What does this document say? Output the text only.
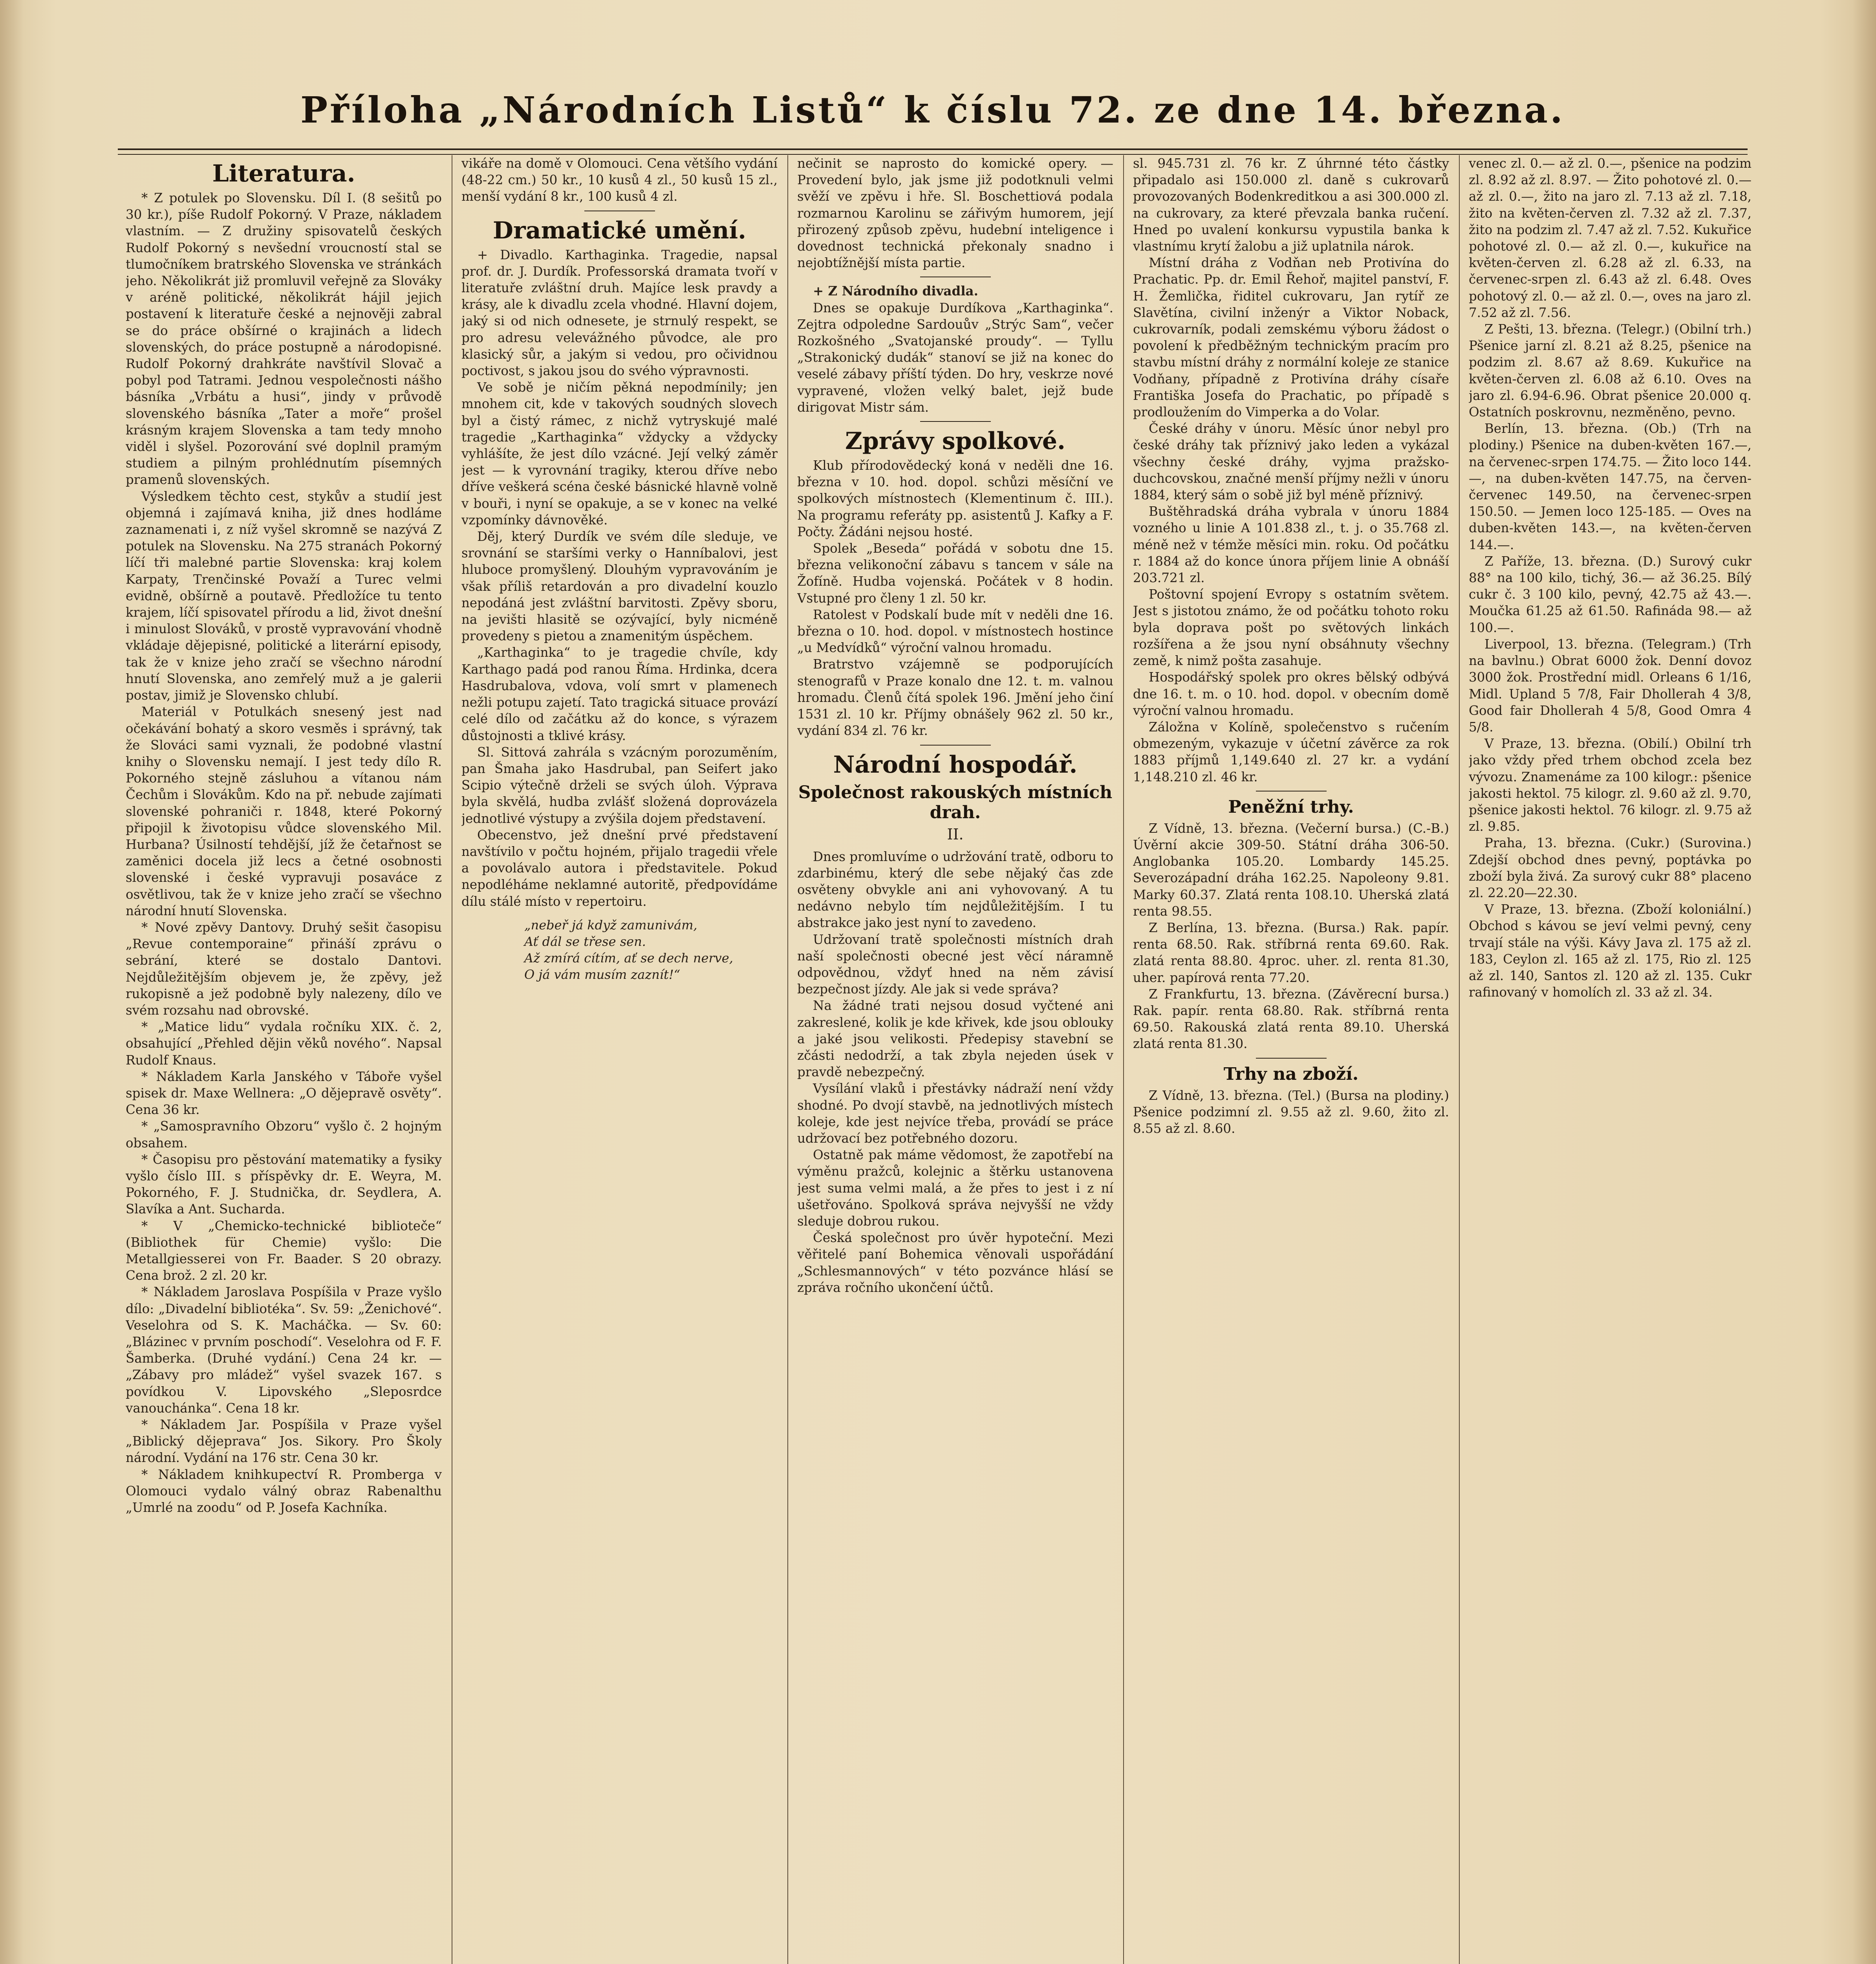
Příloha „Národních Listů“ k číslu 72. ze dne 14. března.
Literatura.

* Z potulek po Slovensku. Díl I. (8 sešitů po 30 kr.), píše Rudolf Pokorný. V Praze, nákladem vlastním. — Z družiny spisovatelů českých Rudolf Pokorný s nevšední vroucností stal se tlumočníkem bratrského Slovenska ve stránkách jeho. Několikrát již promluvil veřejně za Slováky v aréně politické, několikrát hájil jejich postavení k literatuře české a nejnověji zabral se do práce obšírné o krajinách a lidech slovenských, do práce postupně a národopisné. Rudolf Pokorný drahkráte navštívil Slovač a pobyl pod Tatrami. Jednou vespolečnosti nášho básníka „Vrbátu a husi“, jindy v průvodě slovenského básníka „Tater a moře“ prošel krásným krajem Slovenska a tam tedy mnoho viděl i slyšel. Pozorování své doplnil pramým studiem a pilným prohlédnutím písemných pramenů slovenských.

Výsledkem těchto cest, stykův a studií jest objemná i zajímavá kniha, již dnes hodláme zaznamenati i, z níž vyšel skromně se nazývá Z potulek na Slovensku. Na 275 stranách Pokorný líčí tři malebné partie Slovenska: kraj kolem Karpaty, Trenčinské Považí a Turec velmi evidně, obšírně a poutavě. Předložíce tu tento krajem, líčí spisovatel přírodu a lid, život dnešní i minulost Slováků, v prostě vypravování vhodně vkládaje dějepisné, politické a literární episody, tak že v knize jeho zračí se všechno národní hnutí Slovenska, ano zemřelý muž a je galerii postav, jimiž je Slovensko chlubí.

Materiál v Potulkách snesený jest nad očekávání bohatý a skoro vesměs i správný, tak že Slováci sami vyznali, že podobné vlastní knihy o Slovensku nemají. I jest tedy dílo R. Pokorného stejně zásluhou a vítanou nám Čechům i Slovákům. Kdo na př. nebude zajímati slovenské pohraniči r. 1848, které Pokorný připojil k životopisu vůdce slovenského Mil. Hurbana? Úsilností tehdější, jíž že četařnost se zaměnici docela již lecs a četné osobnosti slovenské i české vypravuji posaváce z osvětlivou, tak že v knize jeho zračí se všechno národní hnutí Slovenska.

* Nové zpěvy Dantovy. Druhý sešit časopisu „Revue contemporaine“ přináší zprávu o sebrání, které se dostalo Dantovi. Nejdůležitějším objevem je, že zpěvy, jež rukopisně a jež podobně byly nalezeny, dílo ve svém rozsahu nad obrovské.

* „Matice lidu“ vydala ročníku XIX. č. 2, obsahující „Přehled dějin věků nového“. Napsal Rudolf Knaus.

* Nákladem Karla Janského v Táboře vyšel spisek dr. Maxe Wellnera: „O dějepravě osvěty“. Cena 36 kr.

* „Samospravního Obzoru“ vyšlo č. 2 hojným obsahem.

* Časopisu pro pěstování matematiky a fysiky vyšlo číslo III. s příspěvky dr. E. Weyra, M. Pokorného, F. J. Studnička, dr. Seydlera, A. Slavíka a Ant. Sucharda.

* V „Chemicko-technické biblioteče“ (Bibliothek für Chemie) vyšlo: Die Metallgiesserei von Fr. Baader. S 20 obrazy. Cena brož. 2 zl. 20 kr.

* Nákladem Jaroslava Pospíšila v Praze vyšlo dílo: „Divadelní bibliotéka“. Sv. 59: „Ženichové“. Veselohra od S. K. Macháčka. — Sv. 60: „Blázinec v prvním poschodí“. Veselohra od F. F. Šamberka. (Druhé vydání.) Cena 24 kr. — „Zábavy pro mládež“ vyšel svazek 167. s povídkou V. Lipovského „Sleposrdce vanouchánka“. Cena 18 kr.

* Nákladem Jar. Pospíšila v Praze vyšel „Biblický dějeprava“ Jos. Sikory. Pro Školy národní. Vydání na 176 str. Cena 30 kr.

* Nákladem knihkupectví R. Promberga v Olomouci vydalo válný obraz Rabenalthu „Umrlé na zoodu“ od P. Josefa Kachníka.

vikáře na domě v Olomouci. Cena většího vydání (48-22 cm.) 50 kr., 10 kusů 4 zl., 50 kusů 15 zl., menší vydání 8 kr., 100 kusů 4 zl.

Dramatické umění.

+ Divadlo. Karthaginka. Tragedie, napsal prof. dr. J. Durdík. Professorská dramata tvoří v literatuře zvláštní druh. Majíce lesk pravdy a krásy, ale k divadlu zcela vhodné. Hlavní dojem, jaký si od nich odnesete, je strnulý respekt, se pro adresu velevážného původce, ale pro klasický sůr, a jakým si vedou, pro očividnou poctivost, s jakou jsou do svého výpravnosti.

Ve sobě je ničím pěkná nepodmínily; jen mnohem cit, kde v takových soudných slovech byl a čistý rámec, z nichž vytryskujé malé tragedie „Karthaginka“ vždycky a vždycky vyhlášíte, že jest dílo vzácné. Její velký záměr jest — k vyrovnání tragiky, kterou dříve nebo dříve veškerá scéna české básnické hlavně volně v bouři, i nyní se opakuje, a se v konec na velké vzpomínky dávnověké.

Děj, který Durdík ve svém díle sleduje, ve srovnání se staršími verky o Hanníbalovi, jest hluboce promyšlený. Dlouhým vypravováním je však příliš retardován a pro divadelní kouzlo nepodáná jest zvláštní barvitosti. Zpěvy sboru, na jevišti hlasitě se ozývající, byly nicméně provedeny s pietou a znamenitým úspěchem.

„Karthaginka“ to je tragedie chvíle, kdy Karthago padá pod ranou Říma. Hrdinka, dcera Hasdrubalova, vdova, volí smrt v plamenech nežli potupu zajetí. Tato tragická situace provází celé dílo od začátku až do konce, s výrazem důstojnosti a tklivé krásy.

Sl. Sittová zahrála s vzácným porozuměním, pan Šmaha jako Hasdrubal, pan Seifert jako Scipio výtečně drželi se svých úloh. Výprava byla skvělá, hudba zvlášť složená doprovázela jednotlivé výstupy a zvýšila dojem představení.

Obecenstvo, jež dnešní prvé představení navštívilo v počtu hojném, přijalo tragedii vřele a povolávalo autora i představitele. Pokud nepodléháme neklamné autoritě, předpovídáme dílu stálé místo v repertoiru.

„nebeř já když zamunivám,
Ať dál se třese sen.
Až zmírá cítím, ať se dech nerve,
O já vám musím zaznít!“

nečinit se naprosto do komické opery. — Provedení bylo, jak jsme již podotknuli velmi svěží ve zpěvu i hře. Sl. Boschettiová podala rozmarnou Karolinu se zářivým humorem, její přirozený způsob zpěvu, hudební inteligence i dovednost technická překonaly snadno i nejobtížnější místa partie.

+ Z Národního divadla.

Dnes se opakuje Durdíkova „Karthaginka“. Zejtra odpoledne Sardouův „Strýc Sam“, večer Rozkošného „Svatojanské proudy“. — Tyllu „Strakonický dudák“ stanoví se již na konec do veselé zábavy příští týden. Do hry, veskrze nové vypravené, vložen velký balet, jejž bude dirigovat Mistr sám.

Zprávy spolkové.

Klub přírodovědecký koná v neděli dne 16. března v 10. hod. dopol. schůzi měsíční ve spolkových místnostech (Klementinum č. III.). Na programu referáty pp. asistentů J. Kafky a F. Počty. Žádáni nejsou hosté.

Spolek „Beseda“ pořádá v sobotu dne 15. března velikonoční zábavu s tancem v sále na Žofíně. Hudba vojenská. Počátek v 8 hodin. Vstupné pro členy 1 zl. 50 kr.

Ratolest v Podskalí bude mít v neděli dne 16. března o 10. hod. dopol. v místnostech hostince „u Medvídků“ výroční valnou hromadu.

Bratrstvo vzájemně se podporujících stenografů v Praze konalo dne 12. t. m. valnou hromadu. Členů čítá spolek 196. Jmění jeho činí 1531 zl. 10 kr. Příjmy obnášely 962 zl. 50 kr., vydání 834 zl. 76 kr.

Národní hospodář.
Společnost rakouských místních drah.
II.

Dnes promluvíme o udržování tratě, odboru to zdarbinému, který dle sebe nějaký čas zde osvěteny obvykle ani ani vyhovovaný. A tu nedávno nebylo tím nejdůležitějším. I tu abstrakce jako jest nyní to zavedeno.

Udržovaní tratě společnosti místních drah naší společnosti obecné jest věcí náramně odpovědnou, vždyť hned na něm závisí bezpečnost jízdy. Ale jak si vede správa?

Na žádné trati nejsou dosud vyčtené ani zakreslené, kolik je kde křivek, kde jsou oblouky a jaké jsou velikosti. Předepisy stavební se zčásti nedodrží, a tak zbyla nejeden úsek v pravdě nebezpečný.

Vysílání vlaků i přestávky nádraží není vždy shodné. Po dvojí stavbě, na jednotlivých místech koleje, kde jest nejvíce třeba, provádí se práce udržovací bez potřebného dozoru.

Ostatně pak máme vědomost, že zapotřebí na výměnu pražců, kolejnic a štěrku ustanovena jest suma velmi malá, a že přes to jest i z ní ušetřováno. Spolková správa nejvyšší ne vždy sleduje dobrou rukou.

Česká společnost pro úvěr hypoteční. Mezi věřitelé paní Bohemica věnovali uspořádání „Schlesmannových“ v této pozvánce hlásí se zpráva ročního ukončení účtů.

sl. 945.731 zl. 76 kr. Z úhrnné této částky připadalo asi 150.000 zl. daně s cukrovarů provozovaných Bodenkreditkou a asi 300.000 zl. na cukrovary, za které převzala banka ručení. Hned po uvalení konkursu vypustila banka k vlastnímu krytí žalobu a již uplatnila nárok.

Místní dráha z Vodňan neb Protivína do Prachatic. Pp. dr. Emil Řehoř, majitel panství, F. H. Žemlička, řiditel cukrovaru, Jan rytíř ze Slavětína, civilní inženýr a Viktor Noback, cukrovarník, podali zemskému výboru žádost o povolení k předběžným technickým pracím pro stavbu místní dráhy z normální koleje ze stanice Vodňany, případně z Protivína dráhy císaře Františka Josefa do Prachatic, po případě s prodloužením do Vimperka a do Volar.

České dráhy v únoru. Měsíc únor nebyl pro české dráhy tak příznivý jako leden a vykázal všechny české dráhy, vyjma pražsko-duchcovskou, značné menší příjmy nežli v únoru 1884, který sám o sobě již byl méně příznivý.

Buštěhradská dráha vybrala v únoru 1884 vozného u linie A 101.838 zl., t. j. o 35.768 zl. méně než v témže měsíci min. roku. Od počátku r. 1884 až do konce února příjem linie A obnáší 203.721 zl.

Poštovní spojení Evropy s ostatním světem. Jest s jistotou známo, že od počátku tohoto roku byla doprava pošt po světových linkách rozšířena a že jsou nyní obsáhnuty všechny země, k nimž pošta zasahuje.

Hospodářský spolek pro okres bělský odbývá dne 16. t. m. o 10. hod. dopol. v obecním domě výroční valnou hromadu.

Záložna v Kolíně, společenstvo s ručením obmezeným, vykazuje v účetní závěrce za rok 1883 příjmů 1,149.640 zl. 27 kr. a vydání 1,148.210 zl. 46 kr.

Peněžní trhy.

Z Vídně, 13. března. (Večerní bursa.) (C.-B.) Úvěrní akcie 309-50. Státní dráha 306-50. Anglobanka 105.20. Lombardy 145.25. Severozápadní dráha 162.25. Napoleony 9.81. Marky 60.37. Zlatá renta 108.10. Uherská zlatá renta 98.55.

Z Berlína, 13. března. (Bursa.) Rak. papír. renta 68.50. Rak. stříbrná renta 69.60. Rak. zlatá renta 88.80. 4proc. uher. zl. renta 81.30, uher. papírová renta 77.20.

Z Frankfurtu, 13. března. (Závěrecní bursa.) Rak. papír. renta 68.80. Rak. stříbrná renta 69.50. Rakouská zlatá renta 89.10. Uherská zlatá renta 81.30.

Trhy na zboží.

Z Vídně, 13. března. (Tel.) (Bursa na plodiny.) Pšenice podzimní zl. 9.55 až zl. 9.60, žito zl. 8.55 až zl. 8.60.

venec zl. 0.— až zl. 0.—, pšenice na podzim zl. 8.92 až zl. 8.97. — Žito pohotové zl. 0.— až zl. 0.—, žito na jaro zl. 7.13 až zl. 7.18, žito na květen-červen zl. 7.32 až zl. 7.37, žito na podzim zl. 7.47 až zl. 7.52. Kukuřice pohotové zl. 0.— až zl. 0.—, kukuřice na květen-červen zl. 6.28 až zl. 6.33, na červenec-srpen zl. 6.43 až zl. 6.48. Oves pohotový zl. 0.— až zl. 0.—, oves na jaro zl. 7.52 až zl. 7.56.

Z Pešti, 13. března. (Telegr.) (Obilní trh.) Pšenice jarní zl. 8.21 až 8.25, pšenice na podzim zl. 8.67 až 8.69. Kukuřice na květen-červen zl. 6.08 až 6.10. Oves na jaro zl. 6.94-6.96. Obrat pšenice 20.000 q. Ostatních poskrovnu, nezměněno, pevno.

Berlín, 13. března. (Ob.) (Trh na plodiny.) Pšenice na duben-květen 167.—, na červenec-srpen 174.75. — Žito loco 144.—, na duben-květen 147.75, na červen-červenec 149.50, na červenec-srpen 150.50. — Jemen loco 125-185. — Oves na duben-květen 143.—, na květen-červen 144.—.

Z Paříže, 13. března. (D.) Surový cukr 88° na 100 kilo, tichý, 36.— až 36.25. Bílý cukr č. 3 100 kilo, pevný, 42.75 až 43.—. Moučka 61.25 až 61.50. Rafináda 98.— až 100.—.

Liverpool, 13. března. (Telegram.) (Trh na bavlnu.) Obrat 6000 žok. Denní dovoz 3000 žok. Prostřední midl. Orleans 6 1/16, Midl. Upland 5 7/8, Fair Dhollerah 4 3/8, Good fair Dhollerah 4 5/8, Good Omra 4 5/8.

V Praze, 13. března. (Obilí.) Obilní trh jako vždy před trhem obchod zcela bez vývozu. Znamenáme za 100 kilogr.: pšenice jakosti hektol. 75 kilogr. zl. 9.60 až zl. 9.70, pšenice jakosti hektol. 76 kilogr. zl. 9.75 až zl. 9.85.

Praha, 13. března. (Cukr.) (Surovina.) Zdejší obchod dnes pevný, poptávka po zboží byla živá. Za surový cukr 88° placeno zl. 22.20—22.30.

V Praze, 13. března. (Zboží koloniální.) Obchod s kávou se jeví velmi pevný, ceny trvají stále na výši. Kávy Java zl. 175 až zl. 183, Ceylon zl. 165 až zl. 175, Rio zl. 125 až zl. 140, Santos zl. 120 až zl. 135. Cukr rafinovaný v homolích zl. 33 až zl. 34.
